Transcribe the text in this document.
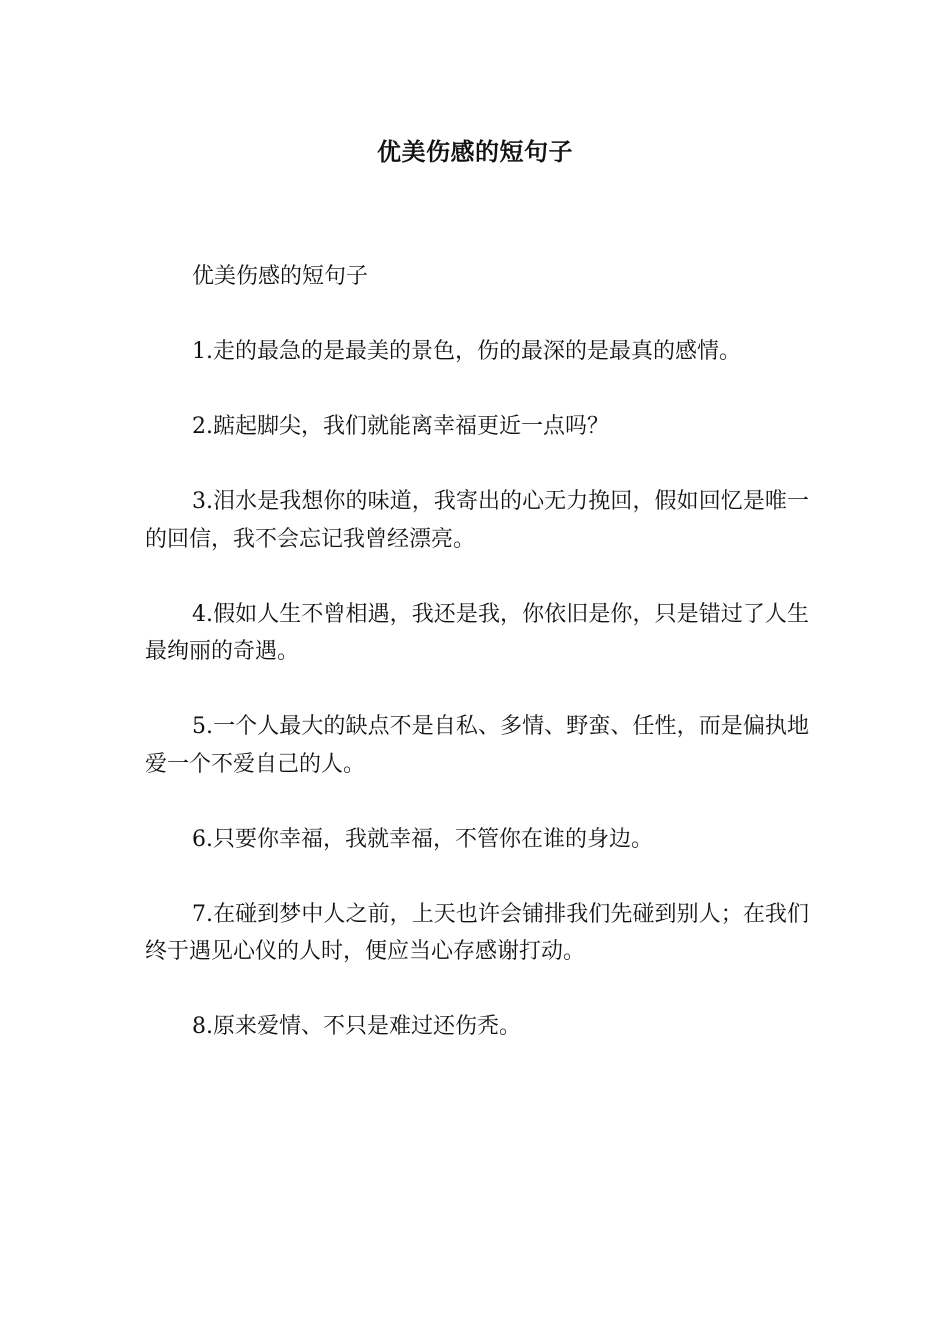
优美伤感的短句子

优美伤感的短句子

1.走的最急的是最美的景色，伤的最深的是最真的感情。

2.踮起脚尖，我们就能离幸福更近一点吗？

3.泪水是我想你的味道，我寄出的心无力挽回，假如回忆是唯一的回信，我不会忘记我曾经漂亮。

4.假如人生不曾相遇，我还是我，你依旧是你，只是错过了人生最绚丽的奇遇。

5.一个人最大的缺点不是自私、多情、野蛮、任性，而是偏执地爱一个不爱自己的人。

6.只要你幸福，我就幸福，不管你在谁的身边。

7.在碰到梦中人之前，上天也许会铺排我们先碰到别人；在我们终于遇见心仪的人时，便应当心存感谢打动。

8.原来爱情、不只是难过还伤秃。
